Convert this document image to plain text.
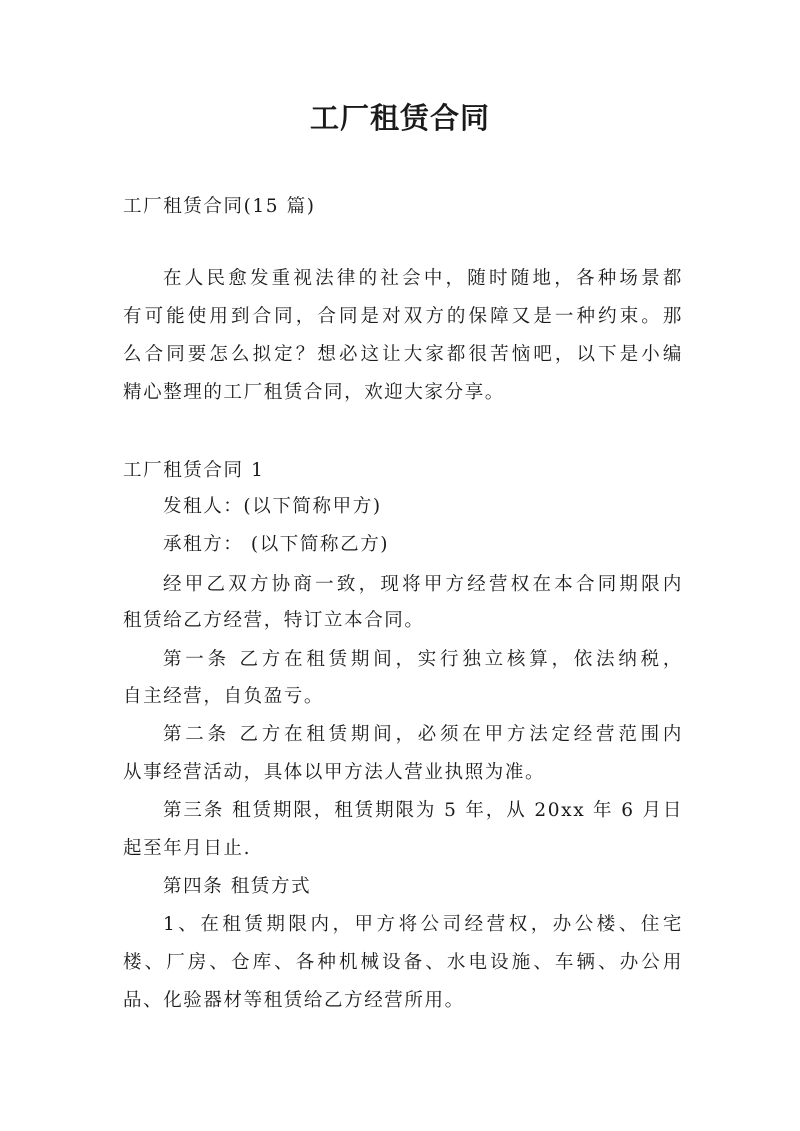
工厂租赁合同
工厂租赁合同(15 篇)
在人民愈发重视法律的社会中，随时随地，各种场景都
有可能使用到合同，合同是对双方的保障又是一种约束。那
么合同要怎么拟定？想必这让大家都很苦恼吧，以下是小编
精心整理的工厂租赁合同，欢迎大家分享。
工厂租赁合同 1
发租人：(以下简称甲方)
承租方： (以下简称乙方)
经甲乙双方协商一致，现将甲方经营权在本合同期限内
租赁给乙方经营，特订立本合同。
第一条 乙方在租赁期间，实行独立核算，依法纳税，
自主经营，自负盈亏。
第二条 乙方在租赁期间，必须在甲方法定经营范围内
从事经营活动，具体以甲方法人营业执照为准。
第三条 租赁期限，租赁期限为 5 年，从 20xx 年 6 月日
起至年月日止.
第四条 租赁方式
1、在租赁期限内，甲方将公司经营权，办公楼、住宅
楼、厂房、仓库、各种机械设备、水电设施、车辆、办公用
品、化验器材等租赁给乙方经营所用。
